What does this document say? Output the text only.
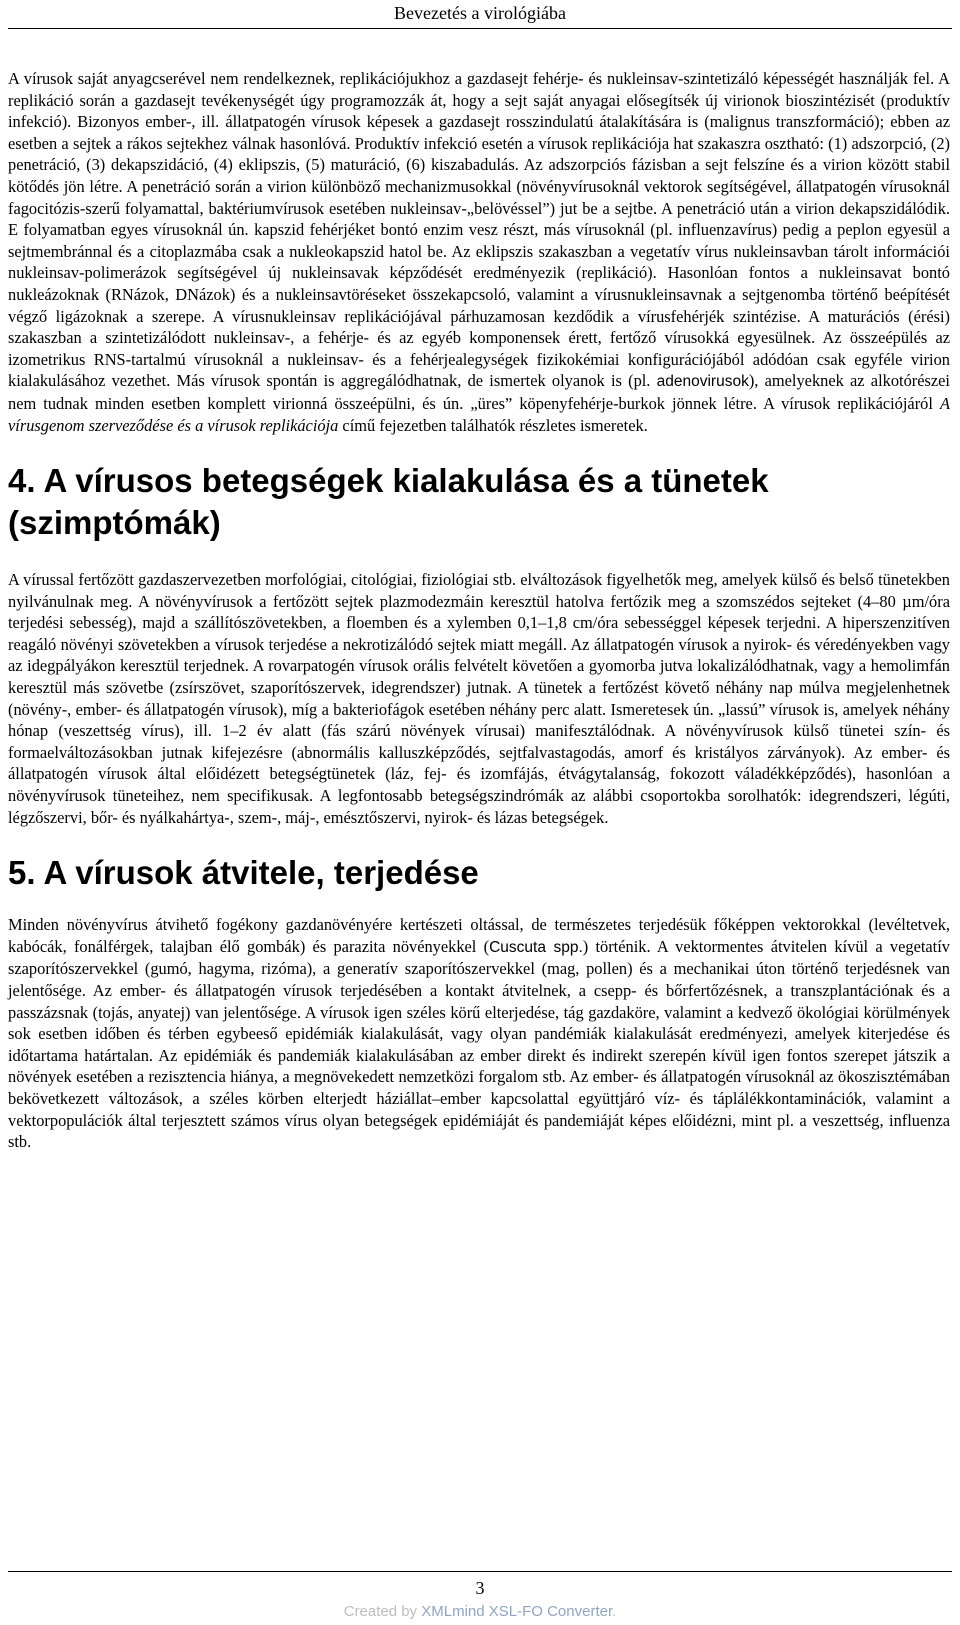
Bevezetés a virológiába

A vírusok saját anyagcserével nem rendelkeznek, replikációjukhoz a gazdasejt fehérje- és nukleinsav-szintetizáló képességét használják fel. A replikáció során a gazdasejt tevékenységét úgy programozzák át, hogy a sejt saját anyagai elősegítsék új virionok bioszintézisét (produktív infekció). Bizonyos ember-, ill. állatpatogén vírusok képesek a gazdasejt rosszindulatú átalakítására is (malignus transzformáció); ebben az esetben a sejtek a rákos sejtekhez válnak hasonlóvá. Produktív infekció esetén a vírusok replikációja hat szakaszra osztható: (1) adszorpció, (2) penetráció, (3) dekapszidáció, (4) eklipszis, (5) maturáció, (6) kiszabadulás. Az adszorpciós fázisban a sejt felszíne és a virion között stabil kötődés jön létre. A penetráció során a virion különböző mechanizmusokkal (növényvírusoknál vektorok segítségével, állatpatogén vírusoknál fagocitózis-szerű folyamattal, baktériumvírusok esetében nukleinsav-„belövéssel”) jut be a sejtbe. A penetráció után a virion dekapszidálódik. E folyamatban egyes vírusoknál ún. kapszid fehérjéket bontó enzim vesz részt, más vírusoknál (pl. influenzavírus) pedig a peplon egyesül a sejtmembránnal és a citoplazmába csak a nukleokapszid hatol be. Az eklipszis szakaszban a vegetatív vírus nukleinsavban tárolt információi nukleinsav-polimerázok segítségével új nukleinsavak képződését eredményezik (replikáció). Hasonlóan fontos a nukleinsavat bontó nukleázoknak (RNázok, DNázok) és a nukleinsavtöréseket összekapcsoló, valamint a vírusnukleinsavnak a sejtgenomba történő beépítését végző ligázoknak a szerepe. A vírusnukleinsav replikációjával párhuzamosan kezdődik a vírusfehérjék szintézise. A maturációs (érési) szakaszban a szintetizálódott nukleinsav-, a fehérje- és az egyéb komponensek érett, fertőző vírusokká egyesülnek. Az összeépülés az izometrikus RNS-tartalmú vírusoknál a nukleinsav- és a fehérjealegységek fizikokémiai konfigurációjából adódóan csak egyféle virion kialakulásához vezethet. Más vírusok spontán is aggregálódhatnak, de ismertek olyanok is (pl. adenovirusok), amelyeknek az alkotórészei nem tudnak minden esetben komplett virionná összeépülni, és ún. „üres” köpenyfehérje-burkok jönnek létre. A vírusok replikációjáról A vírusgenom szerveződése és a vírusok replikációja című fejezetben találhatók részletes ismeretek.

4. A vírusos betegségek kialakulása és a tünetek (szimptómák)

A vírussal fertőzött gazdaszervezetben morfológiai, citológiai, fiziológiai stb. elváltozások figyelhetők meg, amelyek külső és belső tünetekben nyilvánulnak meg. A növényvírusok a fertőzött sejtek plazmodezmáin keresztül hatolva fertőzik meg a szomszédos sejteket (4–80 µm/óra terjedési sebesség), majd a szállítószövetekben, a floemben és a xylemben 0,1–1,8 cm/óra sebességgel képesek terjedni. A hiperszenzitíven reagáló növényi szövetekben a vírusok terjedése a nekrotizálódó sejtek miatt megáll. Az állatpatogén vírusok a nyirok- és véredényekben vagy az idegpályákon keresztül terjednek. A rovarpatogén vírusok orális felvételt követően a gyomorba jutva lokalizálódhatnak, vagy a hemolimfán keresztül más szövetbe (zsírszövet, szaporítószervek, idegrendszer) jutnak. A tünetek a fertőzést követő néhány nap múlva megjelenhetnek (növény-, ember- és állatpatogén vírusok), míg a bakteriofágok esetében néhány perc alatt. Ismeretesek ún. „lassú” vírusok is, amelyek néhány hónap (veszettség vírus), ill. 1–2 év alatt (fás szárú növények vírusai) manifesztálódnak. A növényvírusok külső tünetei szín- és formaelváltozásokban jutnak kifejezésre (abnormális kalluszképződés, sejtfalvastagodás, amorf és kristályos zárványok). Az ember- és állatpatogén vírusok által előidézett betegségtünetek (láz, fej- és izomfájás, étvágytalanság, fokozott váladékképződés), hasonlóan a növényvírusok tüneteihez, nem specifikusak. A legfontosabb betegségszindrómák az alábbi csoportokba sorolhatók: idegrendszeri, légúti, légzőszervi, bőr- és nyálkahártya-, szem-, máj-, emésztőszervi, nyirok- és lázas betegségek.

5. A vírusok átvitele, terjedése

Minden növényvírus átvihető fogékony gazdanövényére kertészeti oltással, de természetes terjedésük főképpen vektorokkal (levéltetvek, kabócák, fonálférgek, talajban élő gombák) és parazita növényekkel (Cuscuta spp.) történik. A vektormentes átvitelen kívül a vegetatív szaporítószervekkel (gumó, hagyma, rizóma), a generatív szaporítószervekkel (mag, pollen) és a mechanikai úton történő terjedésnek van jelentősége. Az ember- és állatpatogén vírusok terjedésében a kontakt átvitelnek, a csepp- és bőrfertőzésnek, a transzplantációnak és a passzázsnak (tojás, anyatej) van jelentősége. A vírusok igen széles körű elterjedése, tág gazdaköre, valamint a kedvező ökológiai körülmények sok esetben időben és térben egybeeső epidémiák kialakulását, vagy olyan pandémiák kialakulását eredményezi, amelyek kiterjedése és időtartama határtalan. Az epidémiák és pandemiák kialakulásában az ember direkt és indirekt szerepén kívül igen fontos szerepet játszik a növények esetében a rezisztencia hiánya, a megnövekedett nemzetközi forgalom stb. Az ember- és állatpatogén vírusoknál az ökoszisztémában bekövetkezett változások, a széles körben elterjedt háziállat–ember kapcsolattal együttjáró víz- és táplálékkontaminációk, valamint a vektorpopulációk által terjesztett számos vírus olyan betegségek epidémiáját és pandemiáját képes előidézni, mint pl. a veszettség, influenza stb.

3
Created by XMLmind XSL-FO Converter.
